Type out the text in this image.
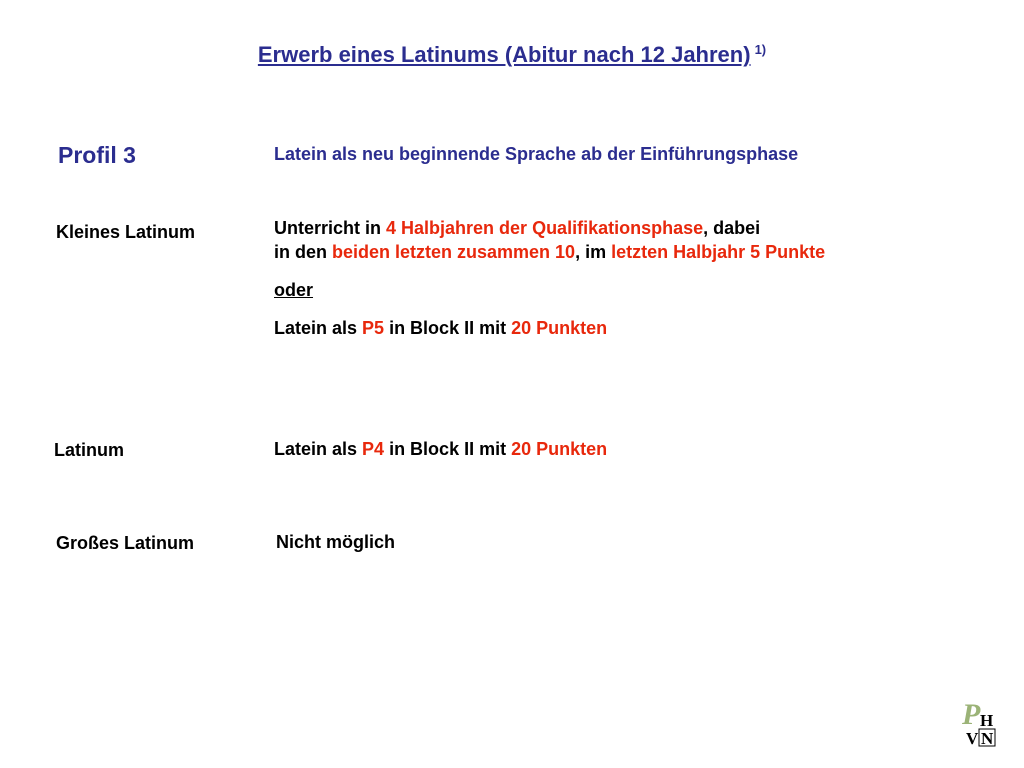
Erwerb eines Latinums (Abitur nach 12 Jahren) $^{1)}$
Profil 3	Latein als neu beginnende Sprache ab der Einführungsphase
Kleines Latinum	Unterricht in 4 Halbjahren der Qualifikationsphase, dabei
in den beiden letzten zusammen 10, im letzten Halbjahr 5 Punkte
oder
Latein als P5 in Block II mit 20 Punkten
Latinum	Latein als P4 in Block II mit 20 Punkten
Großes Latinum	Nicht möglich
P H
V N
